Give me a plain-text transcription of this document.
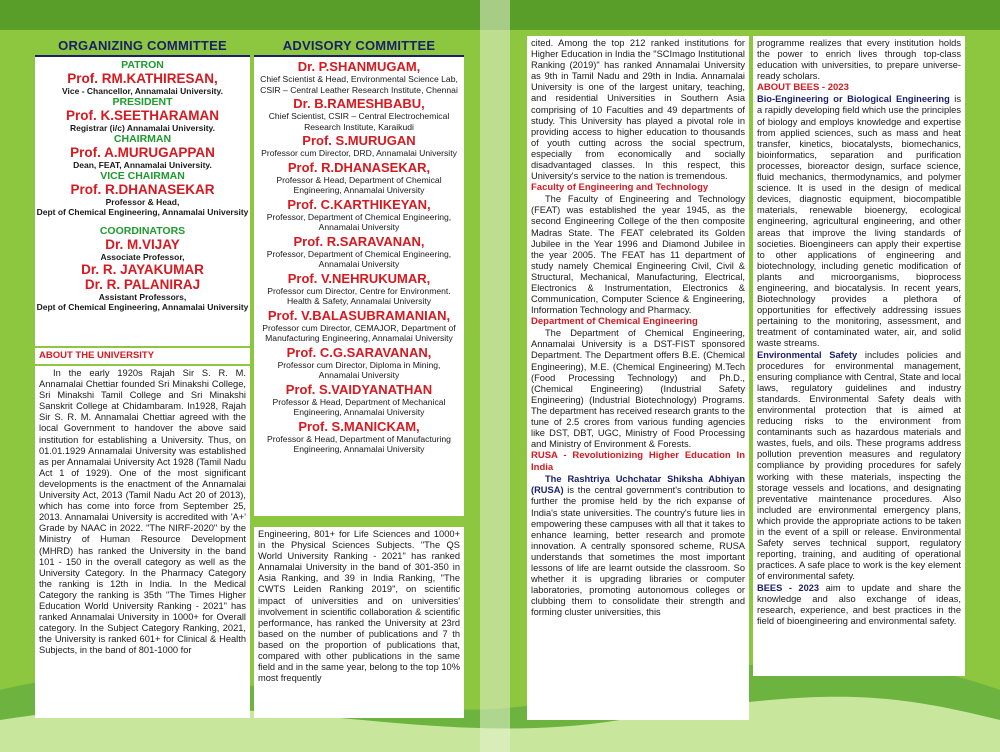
ORGANIZING COMMITTEE
PATRON
Prof. RM.KATHIRESAN,
Vice - Chancellor, Annamalai University.
PRESIDENT
Prof. K.SEETHARAMAN
Registrar (i/c) Annamalai University.
CHAIRMAN
Prof. A.MURUGAPPAN
Dean, FEAT, Annamalai University.
VICE CHAIRMAN
Prof. R.DHANASEKAR
Professor & Head,
Dept of Chemical Engineering, Annamalai University
COORDINATORS
Dr. M.VIJAY
Associate Professor,
Dr. R. JAYAKUMAR
Dr. R. PALANIRAJ
Assistant Professors,
Dept of Chemical Engineering, Annamalai University
ADVISORY COMMITTEE
Dr. P.SHANMUGAM,
Chief Scientist & Head, Environmental Science Lab, CSIR – Central Leather Research Institute, Chennai
Dr. B.RAMESHBABU,
Chief Scientist, CSIR – Central Electrochemical Research Institute, Karaikudi
Prof. S.MURUGAN
Professor cum Director, DRD, Annamalai University
Prof. R.DHANASEKAR,
Professor & Head, Department of Chemical Engineering, Annamalai University
Prof. C.KARTHIKEYAN,
Professor, Department of Chemical Engineering, Annamalai University
Prof. R.SARAVANAN,
Professor, Department of Chemical Engineering, Annamalai University
Prof. V.NEHRUKUMAR,
Professor cum Director, Centre for Environment. Health & Safety, Annamalai University
Prof. V.BALASUBRAMANIAN,
Professor cum Director, CEMAJOR, Department of Manufacturing Engineering, Annamalai University
Prof. C.G.SARAVANAN,
Professor cum Director, Diploma in Mining, Annamalai University
Prof. S.VAIDYANATHAN
Professor & Head, Department of Mechanical Engineering, Annamalai University
Prof. S.MANICKAM,
Professor & Head, Department of Manufacturing Engineering, Annamalai University
ABOUT THE UNIVERSITY

In the early 1920s Rajah Sir S. R. M. Annamalai Chettiar founded Sri Minakshi College, Sri Minakshi Tamil College and Sri Minakshi Sanskrit College at Chidambaram. In1928, Rajah Sir S. R. M. Annamalai Chettiar agreed with the local Government to handover the above said institution for establishing a University. Thus, on 01.01.1929 Annamalai University was established as per Annamalai University Act 1928 (Tamil Nadu Act 1 of 1929). One of the most significant developments is the enactment of the Annamalai University Act, 2013 (Tamil Nadu Act 20 of 2013), which has come into force from September 25, 2013. Annamalai University is accredited with 'A+' Grade by NAAC in 2022. "The NIRF-2020" by the Ministry of Human Resource Development (MHRD) has ranked the University in the band 101 - 150 in the overall category as well as the University Category. In the Pharmacy Category the ranking is 12th in India. In the Medical Category the ranking is 35th "The Times Higher Education World University Ranking - 2021" has ranked Annamalai University in 1000+ for Overall category. In the Subject Category Ranking, 2021, the University is ranked 601+ for Clinical & Health Subjects, in the band of 801-1000 for

Engineering, 801+ for Life Sciences and 1000+ in the Physical Sciences Subjects. "The QS World University Ranking - 2021" has ranked Annamalai University in the band of 301-350 in Asia Ranking, and 39 in India Ranking, "The CWTS Leiden Ranking 2019", on scientific impact of universities and on universities' involvement in scientific collaboration & scientific performance, has ranked the University at 23rd based on the number of publications and 7 th based on the proportion of publications that, compared with other publications in the same field and in the same year, belong to the top 10% most frequently

cited. Among the top 212 ranked institutions for Higher Education in India the "SCImago Institutional Ranking (2019)" has ranked Annamalai University as 9th in Tamil Nadu and 29th in India. Annamalai University is one of the largest unitary, teaching, and residential Universities in Southern Asia comprising of 10 Faculties and 49 departments of study. This University has played a pivotal role in providing access to higher education to thousands of youth cutting across the social spectrum, especially from economically and socially disadvantaged classes. In this respect, this University's service to the nation is tremendous.

Faculty of Engineering and Technology

The Faculty of Engineering and Technology (FEAT) was established the year 1945, as the second Engineering College of the then composite Madras State. The FEAT celebrated its Golden Jubilee in the Year 1996 and Diamond Jubilee in the year 2005. The FEAT has 11 department of study namely Chemical Engineering Civil, Civil & Structural, Mechanical, Manufacturing, Electrical, Electronics & Instrumentation, Electronics & Communication, Computer Science & Engineering, Information Technology and Pharmacy.

Department of Chemical Engineering

The Department of Chemical Engineering, Annamalai University is a DST-FIST sponsored Department. The Department offers B.E. (Chemical Engineering), M.E. (Chemical Engineering) M.Tech (Food Processing Technology) and Ph.D., (Chemical Engineering) (Industrial Safety Engineering) (Industrial Biotechnology) Programs. The department has received research grants to the tune of 2.5 crores from various funding agencies like DST, DBT, UGC, Ministry of Food Processing and Ministry of Environment & Forests.

RUSA - Revolutionizing Higher Education In India

The Rashtriya Uchchatar Shiksha Abhiyan (RUSA) is the central government's contribution to further the promise held by the rich expanse of India's state universities. The country's future lies in empowering these campuses with all that it takes to enhance learning, better research and promote innovation. A centrally sponsored scheme, RUSA understands that sometimes the most important lessons of life are learnt outside the classroom. So whether it is upgrading libraries or computer laboratories, promoting autonomous colleges or clubbing them to consolidate their strength and forming cluster universities, this

programme realizes that every institution holds the power to enrich lives through top-class education with universities, to prepare universe-ready scholars.

ABOUT BEES - 2023

Bio-Engineering or Biological Engineering is a rapidly developing field which use the principles of biology and employs knowledge and expertise from applied sciences, such as mass and heat transfer, kinetics, biocatalysts, biomechanics, bioinformatics, separation and purification processes, bioreactor design, surface science, fluid mechanics, thermodynamics, and polymer science. It is used in the design of medical devices, diagnostic equipment, biocompatible materials, renewable bioenergy, ecological engineering, agricultural engineering, and other areas that improve the living standards of societies. Bioengineers can apply their expertise to other applications of engineering and biotechnology, including genetic modification of plants and microorganisms, bioprocess engineering, and biocatalysis. In recent years, Biotechnology provides a plethora of opportunities for effectively addressing issues pertaining to the monitoring, assessment, and treatment of contaminated water, air, and solid waste streams.

Environmental Safety includes policies and procedures for environmental management, ensuring compliance with Central, State and local laws, regulatory guidelines and industry standards. Environmental Safety deals with environmental protection that is aimed at reducing risks to the environment from contaminants such as hazardous materials and wastes, fuels, and oils. These programs address pollution prevention measures and regulatory compliance by providing procedures for safely working with these materials, inspecting the storage vessels and locations, and designating preventative maintenance procedures. Also included are environmental emergency plans, which provide the appropriate actions to be taken in the event of a spill or release. Environmental Safety serves technical support, regulatory reporting, training, and auditing of operational practices. A safe place to work is the key element of environmental safety.

BEES - 2023 aim to update and share the knowledge and also exchange of ideas, research, experience, and best practices in the field of bioengineering and environmental safety.
